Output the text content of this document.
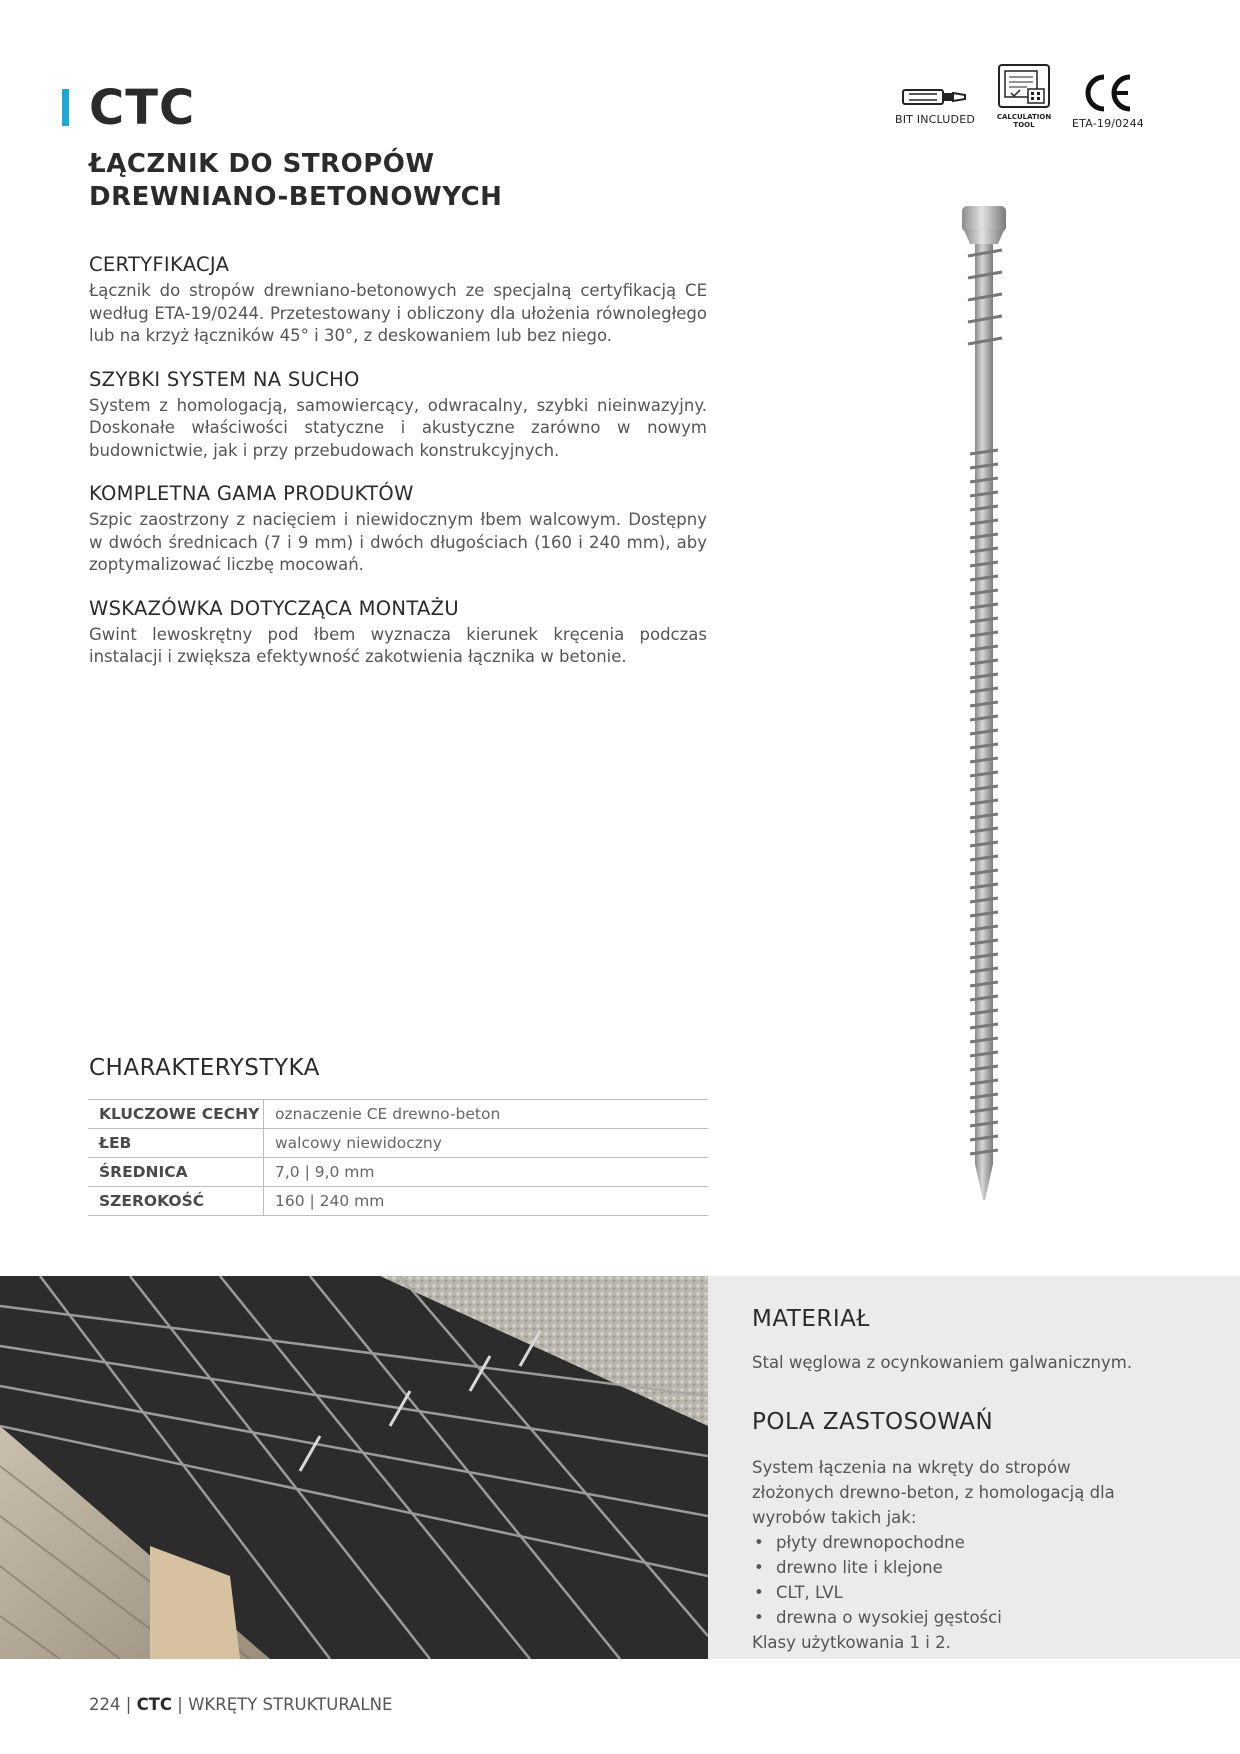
CTC
ŁĄCZNIK DO STROPÓW
DREWNIANO-BETONOWYCH
BIT INCLUDED	CALCULATION
TOOL	ETA-19/0244
CERTYFIKACJA

Łącznik do stropów drewniano-betonowych ze specjalną certyfikacją CE według ETA-19/0244. Przetestowany i obliczony dla ułożenia równoległego lub na krzyż łączników 45° i 30°, z deskowaniem lub bez niego.

SZYBKI SYSTEM NA SUCHO

System z homologacją, samowiercący, odwracalny, szybki nieinwazyjny. Doskonałe właściwości statyczne i akustyczne zarówno w nowym budownictwie, jak i przy przebudowach konstrukcyjnych.

KOMPLETNA GAMA PRODUKTÓW

Szpic zaostrzony z nacięciem i niewidocznym łbem walcowym. Dostępny w dwóch średnicach (7 i 9 mm) i dwóch długościach (160 i 240 mm), aby zoptymalizować liczbę mocowań.

WSKAZÓWKA DOTYCZĄCA MONTAŻU

Gwint lewoskrętny pod łbem wyznacza kierunek kręcenia podczas instalacji i zwiększa efektywność zakotwienia łącznika w betonie.

CHARAKTERYSTYKA
KLUCZOWE CECHY	oznaczenie CE drewno-beton
ŁEB	walcowy niewidoczny
ŚREDNICA	7,0 | 9,0 mm
SZEROKOŚĆ	160 | 240 mm
MATERIAŁ

Stal węglowa z ocynkowaniem galwanicznym.

POLA ZASTOSOWAŃ

System łączenia na wkręty do stropów złożonych drewno-beton, z homologacją dla wyrobów takich jak:

• płyty drewnopochodne
• drewno lite i klejone
• CLT, LVL
• drewna o wysokiej gęstości

Klasy użytkowania 1 i 2.

224 | CTC | WKRĘTY STRUKTURALNE
